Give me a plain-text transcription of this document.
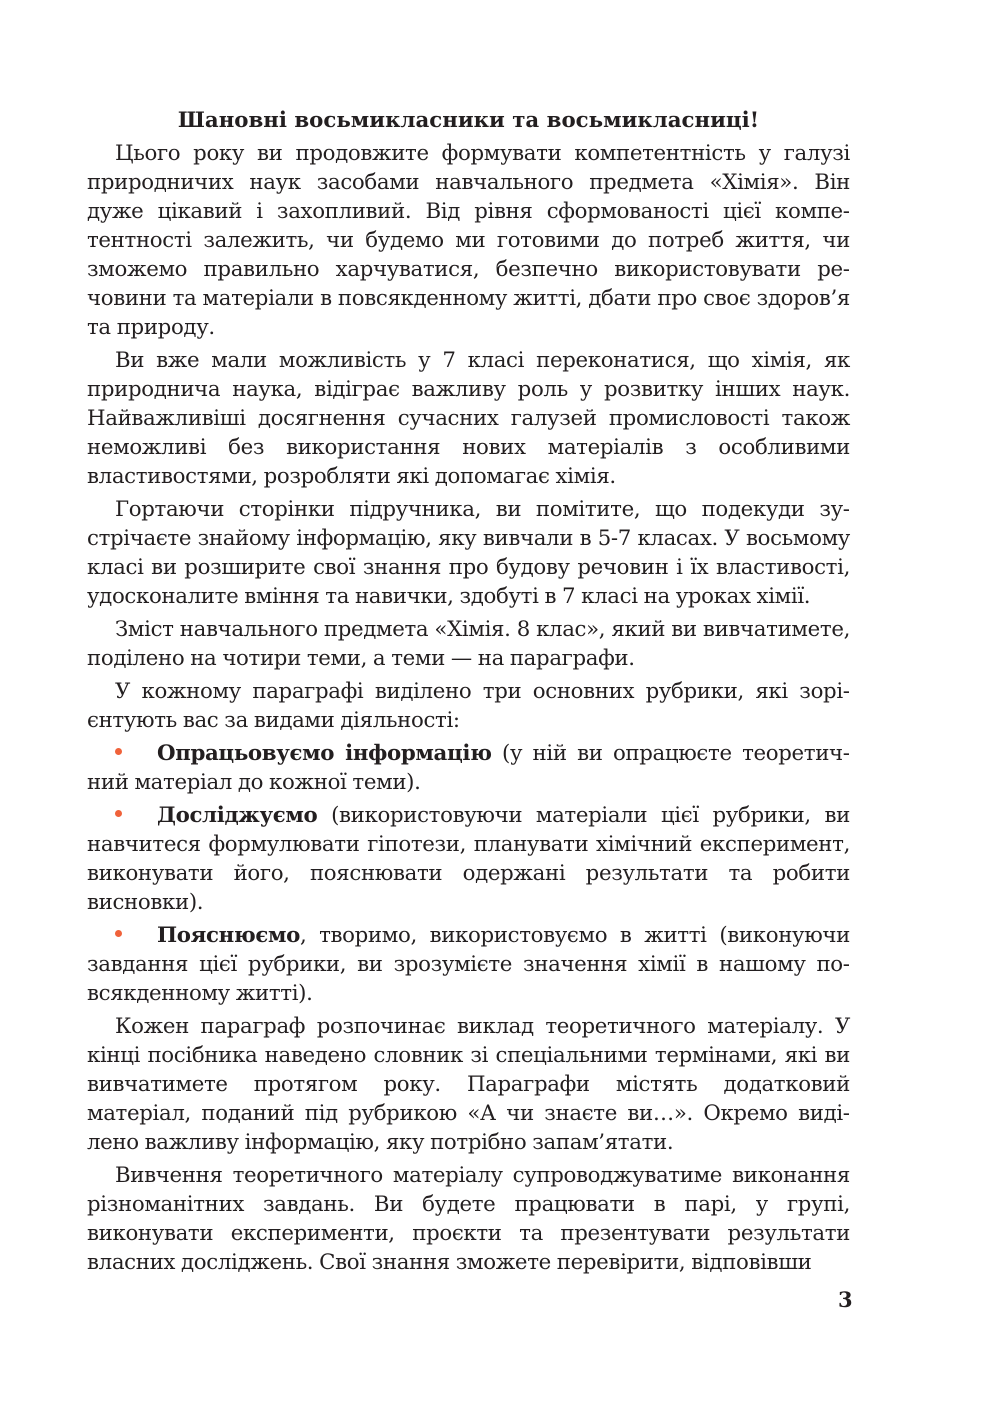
Шановні восьмикласники та восьмикласниці!

Цього року ви продовжите формувати компетентність у галузі природничих наук засобами навчального предмета «Хімія». Він дуже цікавий і захопливий. Від рівня сформованості цієї компетентності залежить, чи будемо ми готовими до потреб життя, чи зможемо правильно харчуватися, безпечно використовувати речовини та матеріали в повсякденному житті, дбати про своє здоров’я та природу.

Ви вже мали можливість у 7 класі переконатися, що хімія, як природнича наука, відіграє важливу роль у розвитку інших наук. Найважливіші досягнення сучасних галузей промисловості також неможливі без використання нових матеріалів з особливими властивостями, розробляти які допомагає хімія.

Гортаючи сторінки підручника, ви помітите, що подекуди зустрічаєте знайому інформацію, яку вивчали в 5-7 класах. У восьмому класі ви розширите свої знання про будову речовин і їх властивості, удосконалите вміння та навички, здобуті в 7 класі на уроках хімії.

Зміст навчального предмета «Хімія. 8 клас», який ви вивчатимете, поділено на чотири теми, а теми — на параграфи.

У кожному параграфі виділено три основних рубрики, які зорієнтують вас за видами діяльності:

Опрацьовуємо інформацію (у ній ви опрацюєте теоретичний матеріал до кожної теми).

Досліджуємо (використовуючи матеріали цієї рубрики, ви навчитеся формулювати гіпотези, планувати хімічний експеримент, виконувати його, пояснювати одержані результати та робити висновки).

Пояснюємо, творимо, використовуємо в житті (виконуючи завдання цієї рубрики, ви зрозумієте значення хімії в нашому повсякденному житті).

Кожен параграф розпочинає виклад теоретичного матеріалу. У кінці посібника наведено словник зі спеціальними термінами, які ви вивчатимете протягом року. Параграфи містять додатковий матеріал, поданий під рубрикою «А чи знаєте ви…». Окремо виділено важливу інформацію, яку потрібно запам’ятати.

Вивчення теоретичного матеріалу супроводжуватиме виконання різноманітних завдань. Ви будете працювати в парі, у групі, виконувати експерименти, проєкти та презентувати результати власних досліджень. Свої знання зможете перевірити, відповівши

3
